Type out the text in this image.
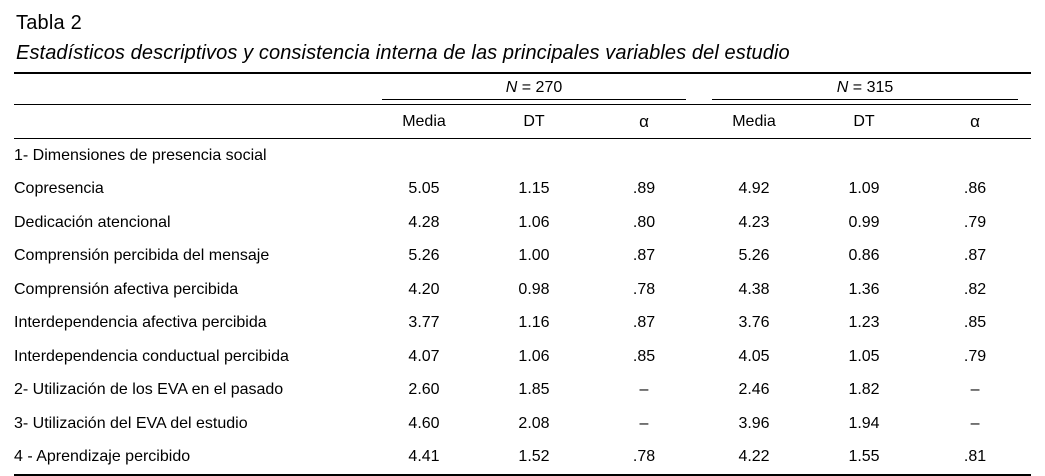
Tabla 2
Estadísticos descriptivos y consistencia interna de las principales variables del estudio

	N = 270			N = 315		

	Media	DT	α	Media	DT	α
1- Dimensiones de presencia social						
Copresencia	5.05	1.15	.89	4.92	1.09	.86
Dedicación atencional	4.28	1.06	.80	4.23	0.99	.79
Comprensión percibida del mensaje	5.26	1.00	.87	5.26	0.86	.87
Comprensión afectiva percibida	4.20	0.98	.78	4.38	1.36	.82
Interdependencia afectiva percibida	3.77	1.16	.87	3.76	1.23	.85
Interdependencia conductual percibida	4.07	1.06	.85	4.05	1.05	.79
2- Utilización de los EVA en el pasado	2.60	1.85	–	2.46	1.82	–
3- Utilización del EVA del estudio	4.60	2.08	–	3.96	1.94	–
4 - Aprendizaje percibido	4.41	1.52	.78	4.22	1.55	.81
